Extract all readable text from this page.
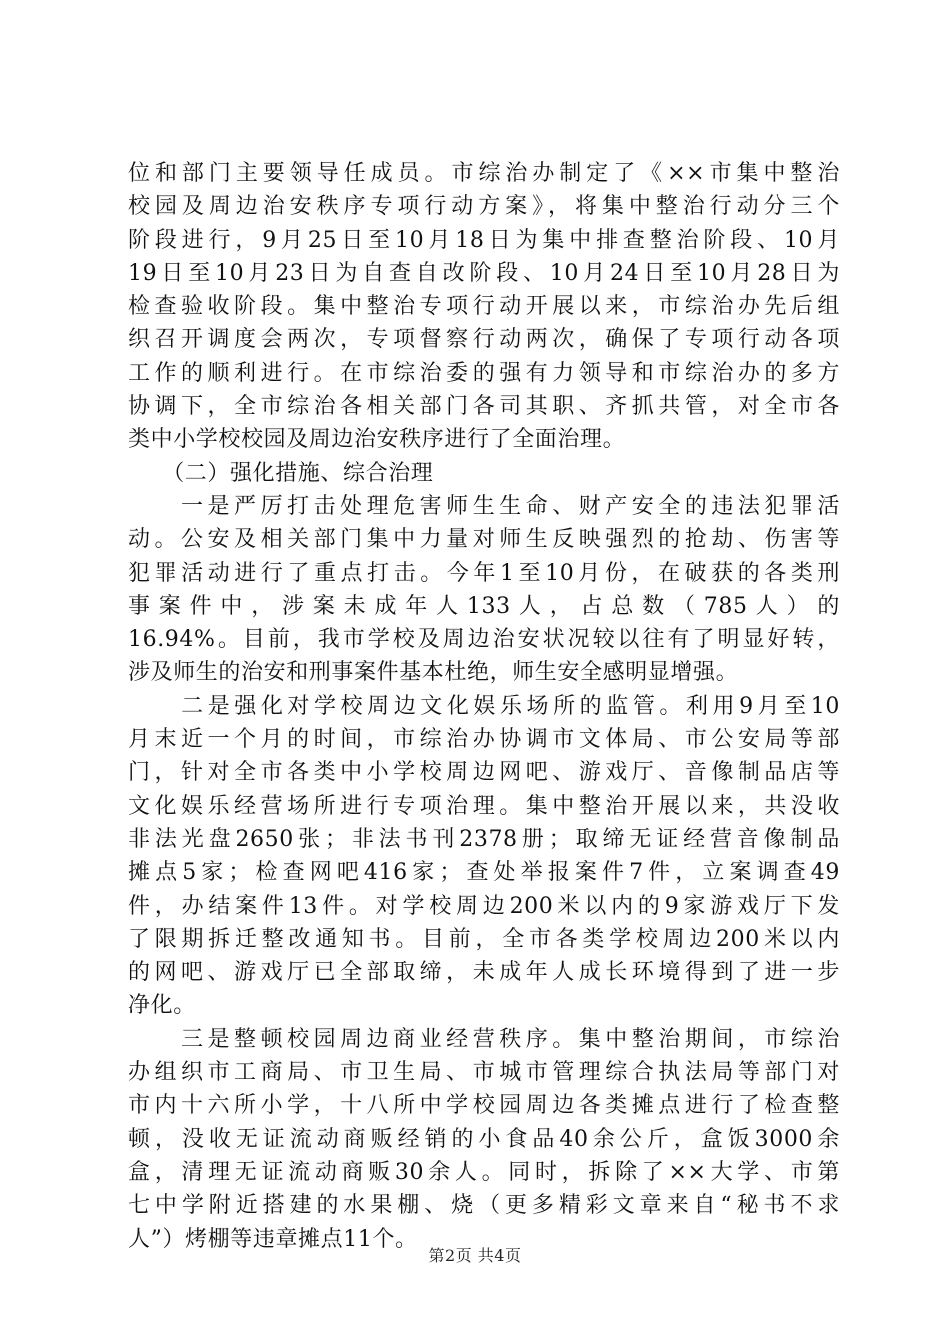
位和部门主要领导任成员。市综治办制定了《××市集中整治
校园及周边治安秩序专项行动方案》，将集中整治行动分三个
阶段进行，9月25日至10月18日为集中排查整治阶段、10月
19日至10月23日为自查自改阶段、10月24日至10月28日为
检查验收阶段。集中整治专项行动开展以来，市综治办先后组
织召开调度会两次，专项督察行动两次，确保了专项行动各项
工作的顺利进行。在市综治委的强有力领导和市综治办的多方
协调下，全市综治各相关部门各司其职、齐抓共管，对全市各
类中小学校校园及周边治安秩序进行了全面治理。
　　（二）强化措施、综合治理
　　一是严厉打击处理危害师生生命、财产安全的违法犯罪活
动。公安及相关部门集中力量对师生反映强烈的抢劫、伤害等
犯罪活动进行了重点打击。今年1至10月份，在破获的各类刑
事案件中，涉案未成年人133人，占总数（785人）的
16.94%。目前，我市学校及周边治安状况较以往有了明显好转，
涉及师生的治安和刑事案件基本杜绝，师生安全感明显增强。
　　二是强化对学校周边文化娱乐场所的监管。利用9月至10
月末近一个月的时间，市综治办协调市文体局、市公安局等部
门，针对全市各类中小学校周边网吧、游戏厅、音像制品店等
文化娱乐经营场所进行专项治理。集中整治开展以来，共没收
非法光盘2650张；非法书刊2378册；取缔无证经营音像制品
摊点5家；检查网吧416家；查处举报案件7件，立案调查49
件，办结案件13件。对学校周边200米以内的9家游戏厅下发
了限期拆迁整改通知书。目前，全市各类学校周边200米以内
的网吧、游戏厅已全部取缔，未成年人成长环境得到了进一步
净化。
　　三是整顿校园周边商业经营秩序。集中整治期间，市综治
办组织市工商局、市卫生局、市城市管理综合执法局等部门对
市内十六所小学，十八所中学校园周边各类摊点进行了检查整
顿，没收无证流动商贩经销的小食品40余公斤，盒饭3000余
盒，清理无证流动商贩30余人。同时，拆除了××大学、市第
七中学附近搭建的水果棚、烧（更多精彩文章来自“秘书不求
人”）烤棚等违章摊点11个。
第2页 共4页
